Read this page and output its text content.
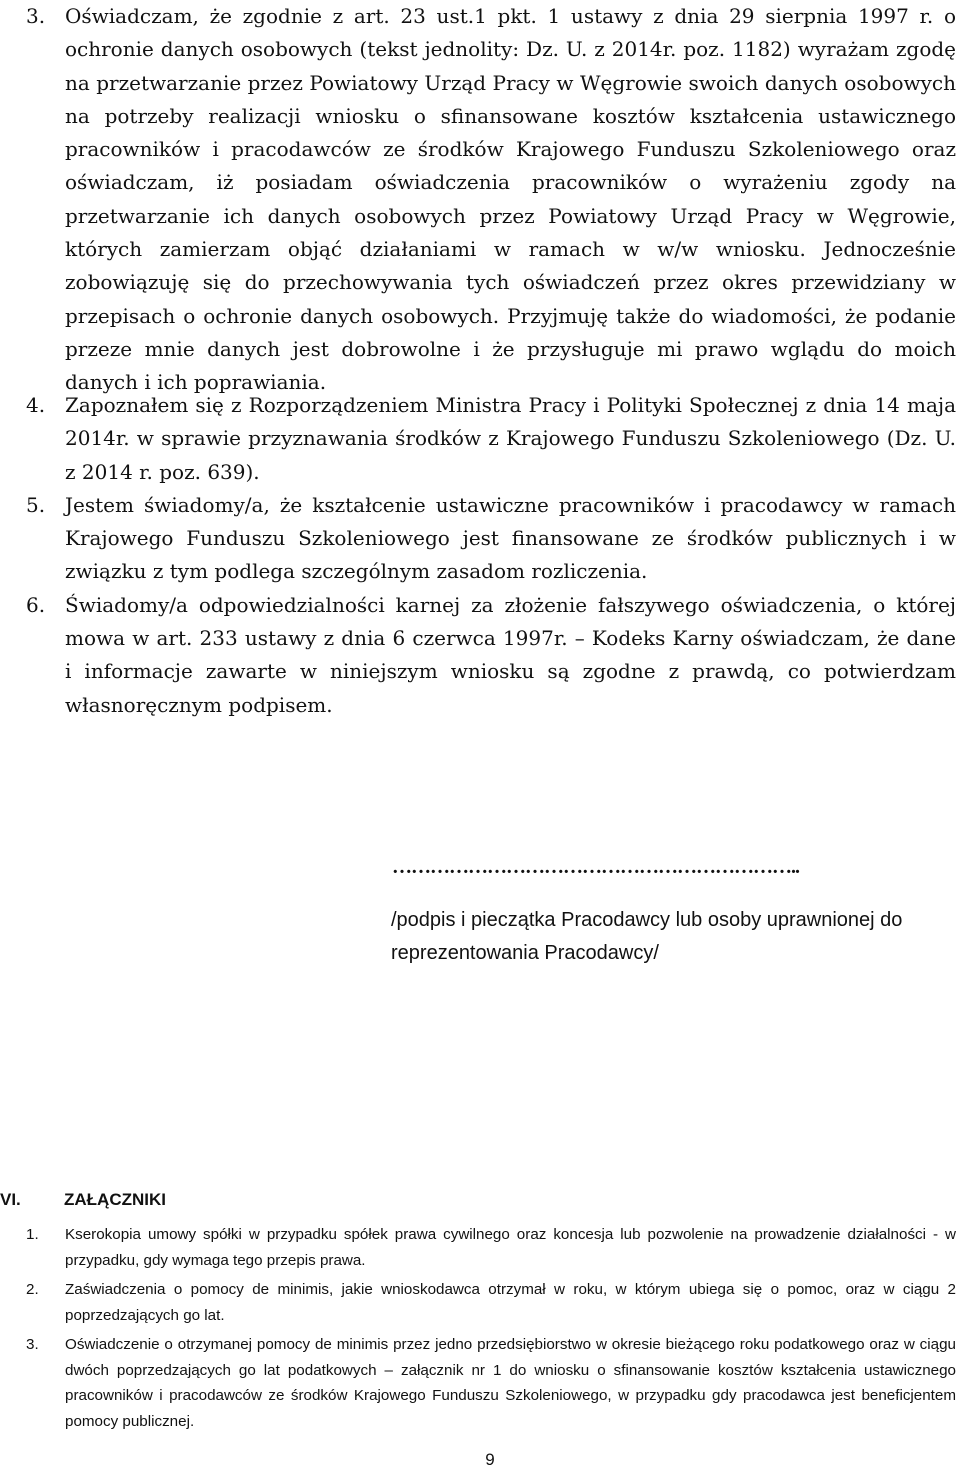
3. Oświadczam, że zgodnie z art. 23 ust.1 pkt. 1 ustawy z dnia 29 sierpnia 1997 r. o ochronie danych osobowych (tekst jednolity: Dz. U. z 2014r. poz. 1182) wyrażam zgodę na przetwarzanie przez Powiatowy Urząd Pracy w Węgrowie swoich danych osobowych na potrzeby realizacji wniosku o sfinansowane kosztów kształcenia ustawicznego pracowników i pracodawców ze środków Krajowego Funduszu Szkoleniowego oraz oświadczam, iż posiadam oświadczenia pracowników o wyrażeniu zgody na przetwarzanie ich danych osobowych przez Powiatowy Urząd Pracy w Węgrowie, których zamierzam objąć działaniami w ramach w w/w wniosku. Jednocześnie zobowiązuję się do przechowywania tych oświadczeń przez okres przewidziany w przepisach o ochronie danych osobowych. Przyjmuję także do wiadomości, że podanie przeze mnie danych jest dobrowolne i że przysługuje mi prawo wglądu do moich danych i ich poprawiania.
4. Zapoznałem się z Rozporządzeniem Ministra Pracy i Polityki Społecznej z dnia 14 maja 2014r. w sprawie przyznawania środków z Krajowego Funduszu Szkoleniowego (Dz. U. z 2014 r. poz. 639).
5. Jestem świadomy/a, że kształcenie ustawiczne pracowników i pracodawcy w ramach Krajowego Funduszu Szkoleniowego jest finansowane ze środków publicznych i w związku z tym podlega szczególnym zasadom rozliczenia.
6. Świadomy/a odpowiedzialności karnej za złożenie fałszywego oświadczenia, o której mowa w art. 233 ustawy z dnia 6 czerwca 1997r. – Kodeks Karny oświadczam, że dane i informacje zawarte w niniejszym wniosku są zgodne z prawdą, co potwierdzam własnoręcznym podpisem.
………………………………………………………..
/podpis i pieczątka Pracodawcy lub osoby uprawnionej do reprezentowania Pracodawcy/
VI.	ZAŁĄCZNIKI
1. Kserokopia umowy spółki w przypadku spółek prawa cywilnego oraz koncesja lub pozwolenie na prowadzenie działalności - w przypadku, gdy wymaga tego przepis prawa.
2. Zaświadczenia o pomocy de minimis, jakie wnioskodawca otrzymał w roku, w którym ubiega się o pomoc, oraz w ciągu 2 poprzedzających go lat.
3. Oświadczenie o otrzymanej pomocy de minimis przez jedno przedsiębiorstwo w okresie bieżącego roku podatkowego oraz w ciągu dwóch poprzedzających go lat podatkowych – załącznik nr 1 do wniosku o sfinansowanie kosztów kształcenia ustawicznego pracowników i pracodawców ze środków Krajowego Funduszu Szkoleniowego, w przypadku gdy pracodawca jest beneficjentem pomocy publicznej.
9
